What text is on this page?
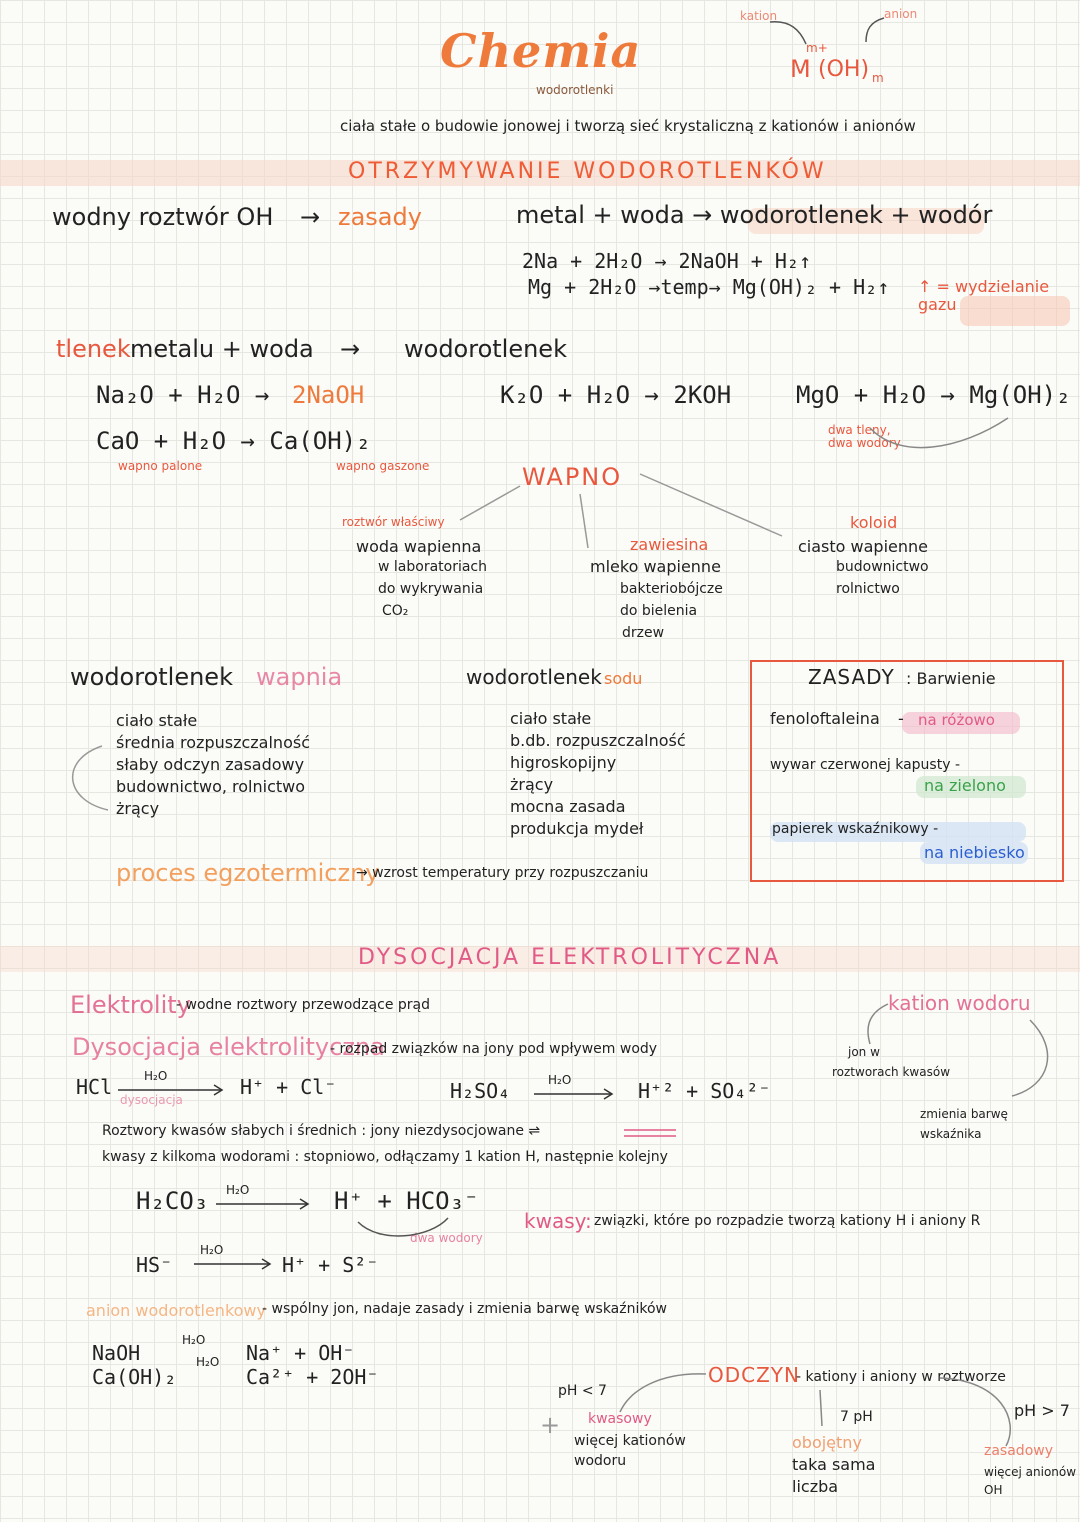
Chemia
wodorotlenki
kation	anion
M
m+
(OH) m
ciała stałe o budowie jonowej i tworzą sieć krystaliczną z kationów i anionów
OTRZYMYWANIE WODOROTLENKÓW
wodny roztwór OH → zasady	metal + woda → wodorotlenek + wodór
2Na + 2H₂O → 2NaOH + H₂↑
Mg + 2H₂O →temp→ Mg(OH)₂ + H₂↑ ↑ = wydzielanie gazu
tlenek metalu + woda → wodorotlenek
Na₂O + H₂O → 2NaOH	K₂O + H₂O → 2KOH	MgO + H₂O → Mg(OH)₂
dwa tleny, dwa wodory
CaO + H₂O → Ca(OH)₂
wapno palone	wapno gaszone	WAPNO
roztwór właściwy
woda wapienna
w laboratoriach
do wykrywania
CO₂
zawiesina
mleko wapienne
bakteriobójcze
do bielenia
drzew
koloid
ciasto wapienne
budownictwo
rolnictwo
wodorotlenek wapnia
ciało stałe
średnia rozpuszczalność
słaby odczyn zasadowy
budownictwo, rolnictwo
żrący
wodorotlenek sodu
ciało stałe
b.db. rozpuszczalność
higroskopijny
żrący
mocna zasada
produkcja mydeł
ZASADY : Barwienie
fenoloftaleina - na różowo
wywar czerwonej kapusty -
na zielono
papierek wskaźnikowy -
na niebiesko
proces egzotermiczny
→ wzrost temperatury przy rozpuszczaniu
DYSOCJACJA ELEKTROLITYCZNA
Elektrolity
- wodne roztwory przewodzące prąd
Dysocjacja elektrolityczna
- rozpad związków na jony pod wpływem wody
HCl	H₂O
dysocjacja
H⁺ + Cl⁻	H₂SO₄	H₂O	H⁺² + SO₄²⁻
kation wodoru
jon w
roztworach kwasów
zmienia barwę
wskaźnika
Roztwory kwasów słabych i średnich : jony niezdysocjowane ⇌
kwasy z kilkoma wodorami : stopniowo, odłączamy 1 kation H, następnie kolejny
H₂CO₃ H₂O	H⁺ + HCO₃⁻
dwa wodory
HS⁻
H₂O
H⁺ + S²⁻
kwasy: związki, które po rozpadzie tworzą kationy H i aniony R
anion wodorotlenkowy
- wspólny jon, nadaje zasady i zmienia barwę wskaźników
NaOH
H₂O
Na⁺ + OH⁻
Ca(OH)₂
H₂O
Ca²⁺ + 2OH⁻	ODCZYN
- kationy i aniony w roztworze
pH < 7
+ kwasowy
więcej kationów
wodoru
7 pH
obojętny
taka sama
liczba
pH > 7
zasadowy
więcej anionów
OH
